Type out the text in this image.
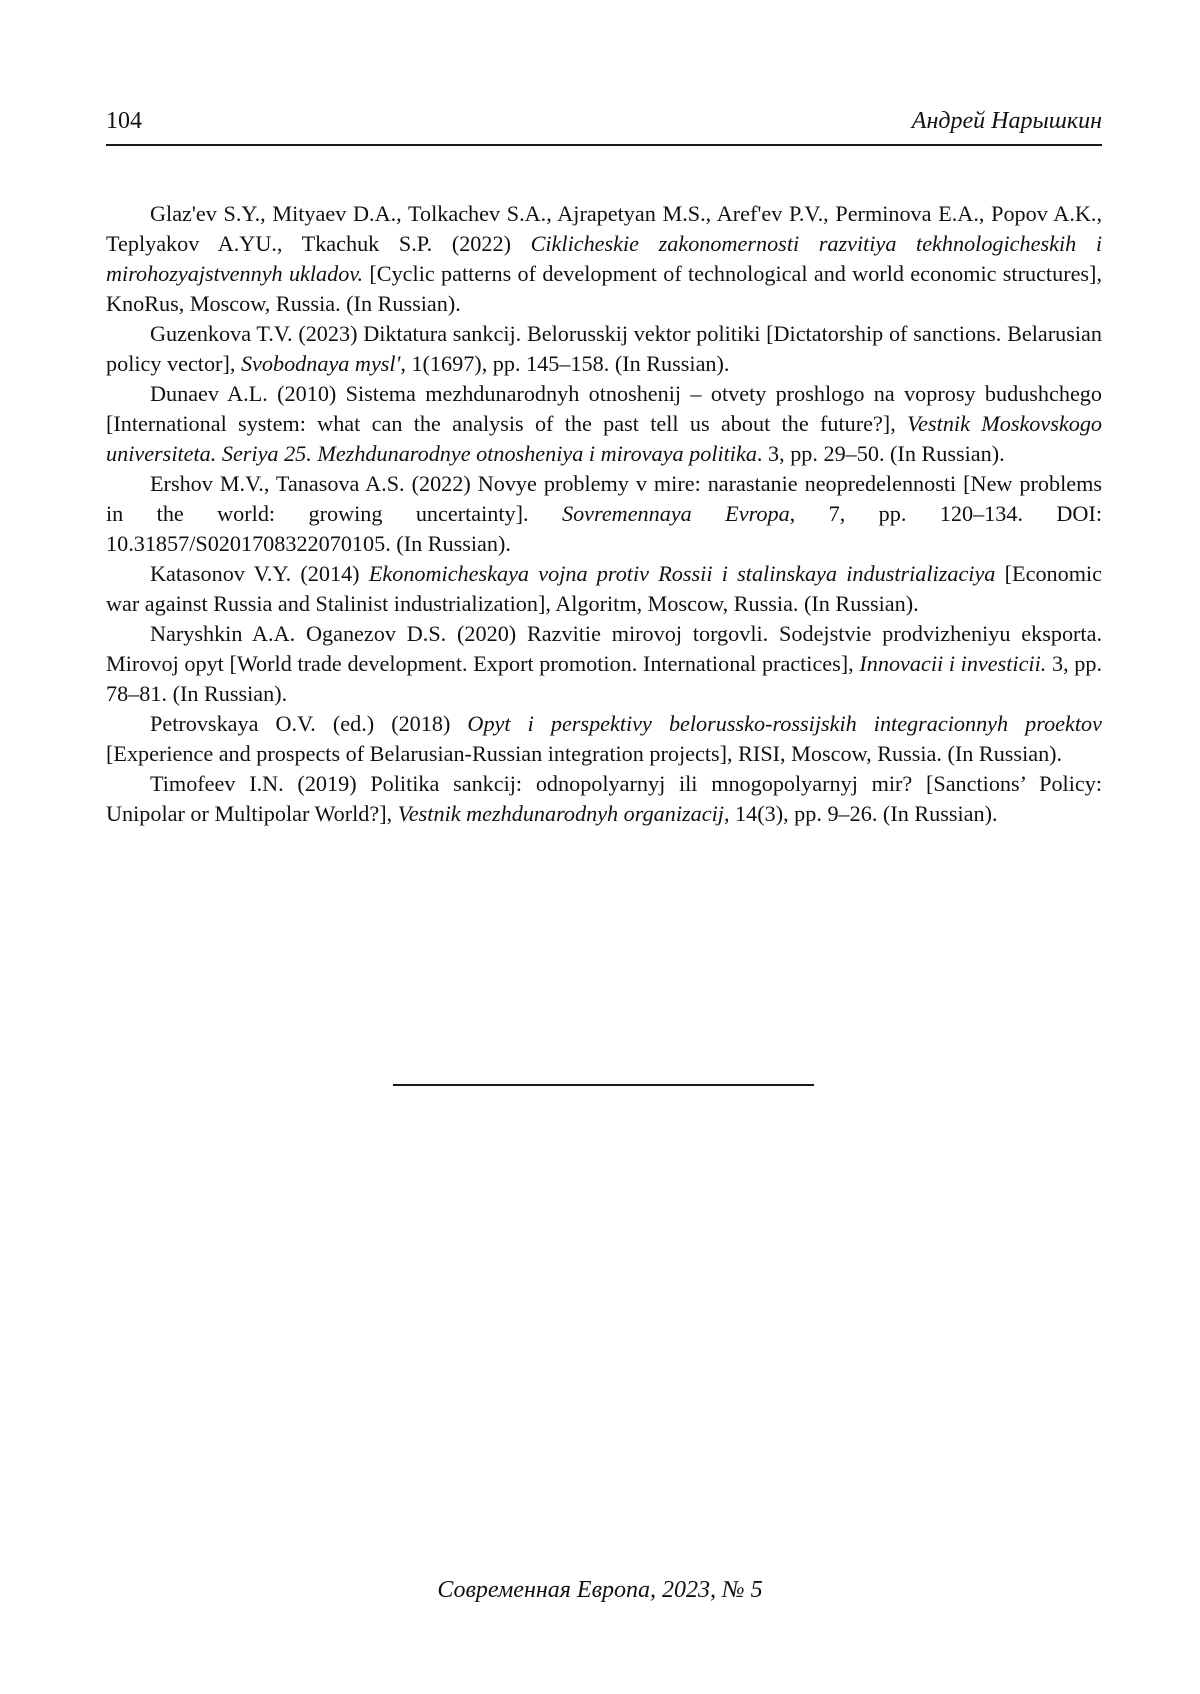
104	Андрей Нарышкин

Glaz'ev S.Y., Mityaev D.A., Tolkachev S.A., Ajrapetyan M.S., Aref'ev P.V., Perminova E.A., Popov A.K., Teplyakov A.YU., Tkachuk S.P. (2022) Ciklicheskie zakonomernosti razvitiya tekhnologicheskih i mirohozyajstvennyh ukladov. [Cyclic patterns of development of technological and world economic structures], KnoRus, Moscow, Russia. (In Russian).

Guzenkova T.V. (2023) Diktatura sankcij. Belorusskij vektor politiki [Dictatorship of sanctions. Belarusian policy vector], Svobodnaya mysl', 1(1697), pp. 145–158. (In Russian).

Dunaev A.L. (2010) Sistema mezhdunarodnyh otnoshenij – otvety proshlogo na voprosy budushchego [International system: what can the analysis of the past tell us about the future?], Vestnik Moskovskogo universiteta. Seriya 25. Mezhdunarodnye otnosheniya i mirovaya politika. 3, pp. 29–50. (In Russian).

Ershov M.V., Tanasova A.S. (2022) Novye problemy v mire: narastanie neopredelennosti [New problems in the world: growing uncertainty]. Sovremennaya Evropa, 7, pp. 120–134. DOI: 10.31857/S0201708322070105. (In Russian).

Katasonov V.Y. (2014) Ekonomicheskaya vojna protiv Rossii i stalinskaya industrializaciya [Economic war against Russia and Stalinist industrialization], Algoritm, Moscow, Russia. (In Russian).

Naryshkin A.A. Oganezov D.S. (2020) Razvitie mirovoj torgovli. Sodejstvie prodvizheniyu eksporta. Mirovoj opyt [World trade development. Export promotion. International practices], Innovacii i investicii. 3, pp. 78–81. (In Russian).

Petrovskaya O.V. (ed.) (2018) Opyt i perspektivy belorussko-rossijskih integracionnyh proektov [Experience and prospects of Belarusian-Russian integration projects], RISI, Moscow, Russia. (In Russian).

Timofeev I.N. (2019) Politika sankcij: odnopolyarnyj ili mnogopolyarnyj mir? [Sanctions’ Policy: Unipolar or Multipolar World?], Vestnik mezhdunarodnyh organizacij, 14(3), pp. 9–26. (In Russian).

Современная Европа, 2023, № 5
